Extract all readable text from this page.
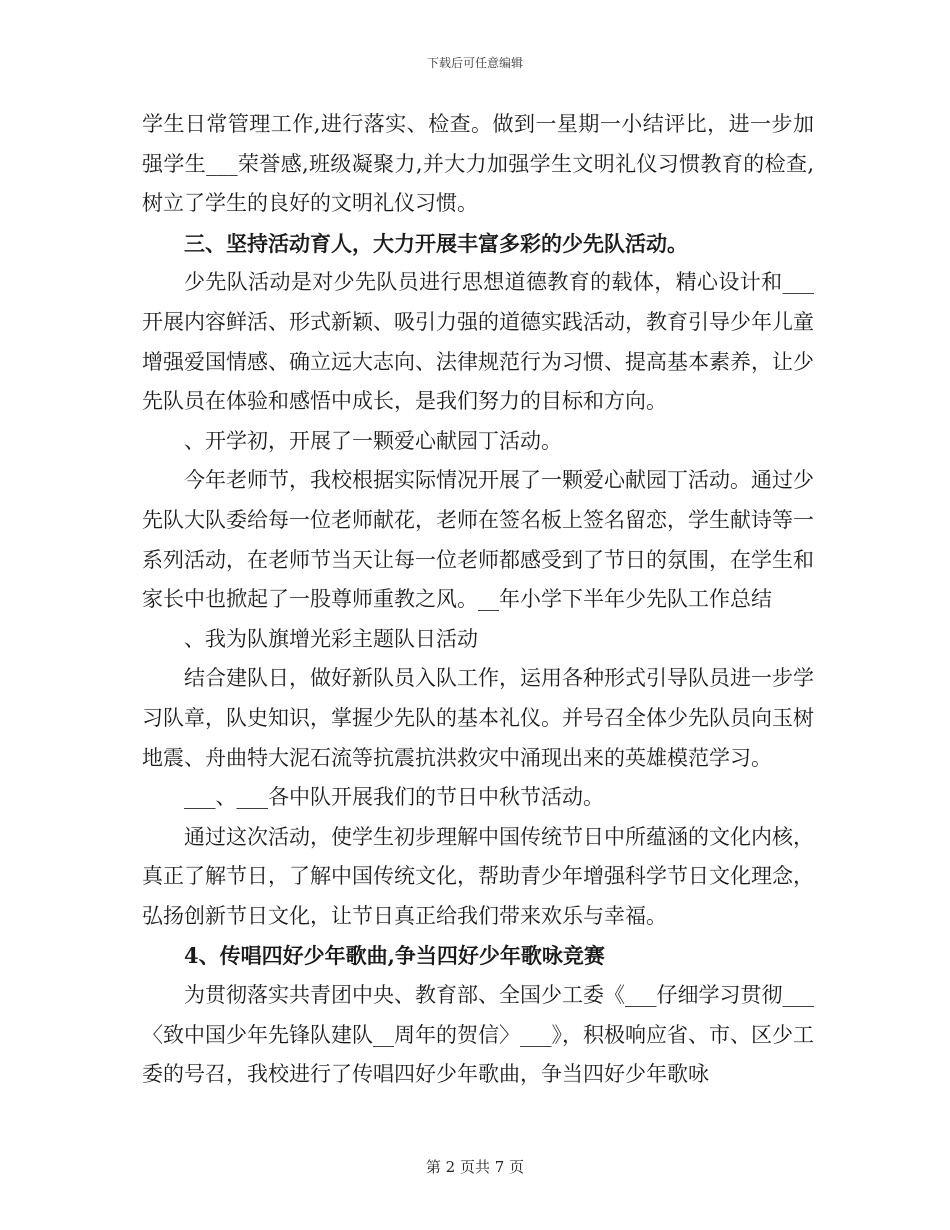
下载后可任意编辑

学生日常管理工作,进行落实、检查。做到一星期一小结评比，进一步加强学生___荣誉感,班级凝聚力,并大力加强学生文明礼仪习惯教育的检查,树立了学生的良好的文明礼仪习惯。

三、坚持活动育人，大力开展丰富多彩的少先队活动。

少先队活动是对少先队员进行思想道德教育的载体，精心设计和___开展内容鲜活、形式新颖、吸引力强的道德实践活动，教育引导少年儿童增强爱国情感、确立远大志向、法律规范行为习惯、提高基本素养，让少先队员在体验和感悟中成长，是我们努力的目标和方向。

、开学初，开展了一颗爱心献园丁活动。

今年老师节，我校根据实际情况开展了一颗爱心献园丁活动。通过少先队大队委给每一位老师献花，老师在签名板上签名留恋，学生献诗等一系列活动，在老师节当天让每一位老师都感受到了节日的氛围，在学生和家长中也掀起了一股尊师重教之风。__年小学下半年少先队工作总结

、我为队旗增光彩主题队日活动

结合建队日，做好新队员入队工作，运用各种形式引导队员进一步学习队章，队史知识，掌握少先队的基本礼仪。并号召全体少先队员向玉树地震、舟曲特大泥石流等抗震抗洪救灾中涌现出来的英雄模范学习。

___、___各中队开展我们的节日中秋节活动。

通过这次活动，使学生初步理解中国传统节日中所蕴涵的文化内核，真正了解节日，了解中国传统文化，帮助青少年增强科学节日文化理念，弘扬创新节日文化，让节日真正给我们带来欢乐与幸福。

4、传唱四好少年歌曲,争当四好少年歌咏竞赛

为贯彻落实共青团中央、教育部、全国少工委《___仔细学习贯彻___〈致中国少年先锋队建队__周年的贺信〉___》，积极响应省、市、区少工委的号召，我校进行了传唱四好少年歌曲，争当四好少年歌咏

第 2 页共 7 页
